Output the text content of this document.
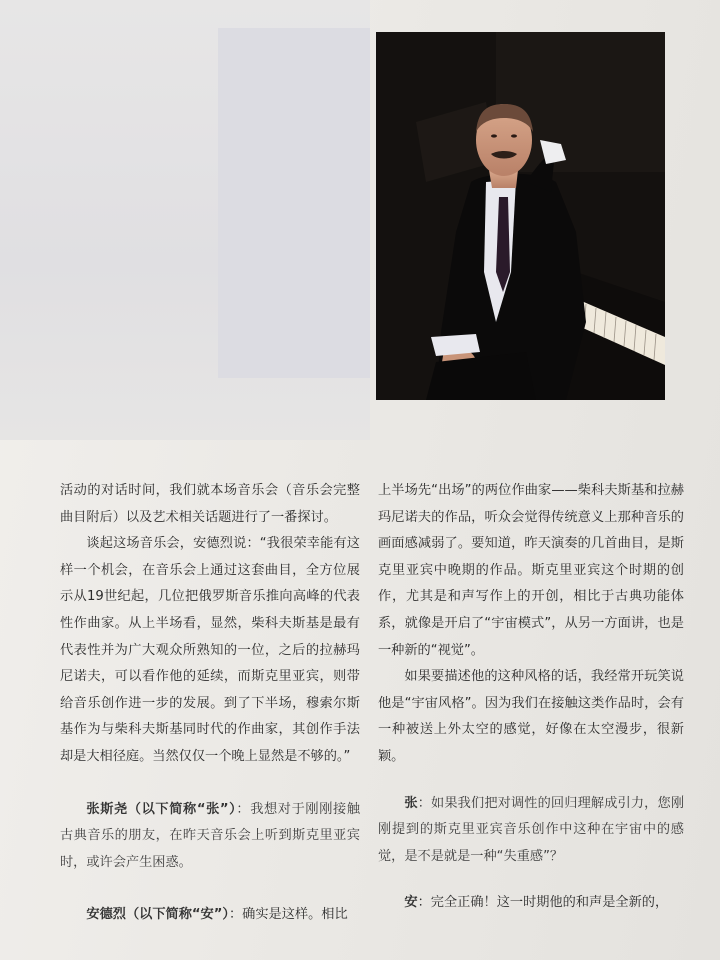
活动的对话时间，我们就本场音乐会（音乐会完整曲目附后）以及艺术相关话题进行了一番探讨。

谈起这场音乐会，安德烈说：“我很荣幸能有这样一个机会，在音乐会上通过这套曲目，全方位展示从19世纪起，几位把俄罗斯音乐推向高峰的代表性作曲家。从上半场看，显然，柴科夫斯基是最有代表性并为广大观众所熟知的一位，之后的拉赫玛尼诺夫，可以看作他的延续，而斯克里亚宾，则带给音乐创作进一步的发展。到了下半场，穆索尔斯基作为与柴科夫斯基同时代的作曲家，其创作手法却是大相径庭。当然仅仅一个晚上显然是不够的。”

张斯尧（以下简称“张”）：我想对于刚刚接触古典音乐的朋友，在昨天音乐会上听到斯克里亚宾时，或许会产生困惑。

安德烈（以下简称“安”）：确实是这样。相比

上半场先“出场”的两位作曲家——柴科夫斯基和拉赫玛尼诺夫的作品，听众会觉得传统意义上那种音乐的画面感减弱了。要知道，昨天演奏的几首曲目，是斯克里亚宾中晚期的作品。斯克里亚宾这个时期的创作，尤其是和声写作上的开创，相比于古典功能体系，就像是开启了“宇宙模式”，从另一方面讲，也是一种新的“视觉”。

如果要描述他的这种风格的话，我经常开玩笑说他是“宇宙风格”。因为我们在接触这类作品时，会有一种被送上外太空的感觉，好像在太空漫步，很新颖。

张：如果我们把对调性的回归理解成引力，您刚刚提到的斯克里亚宾音乐创作中这种在宇宙中的感觉，是不是就是一种“失重感”？

安：完全正确！这一时期他的和声是全新的，
